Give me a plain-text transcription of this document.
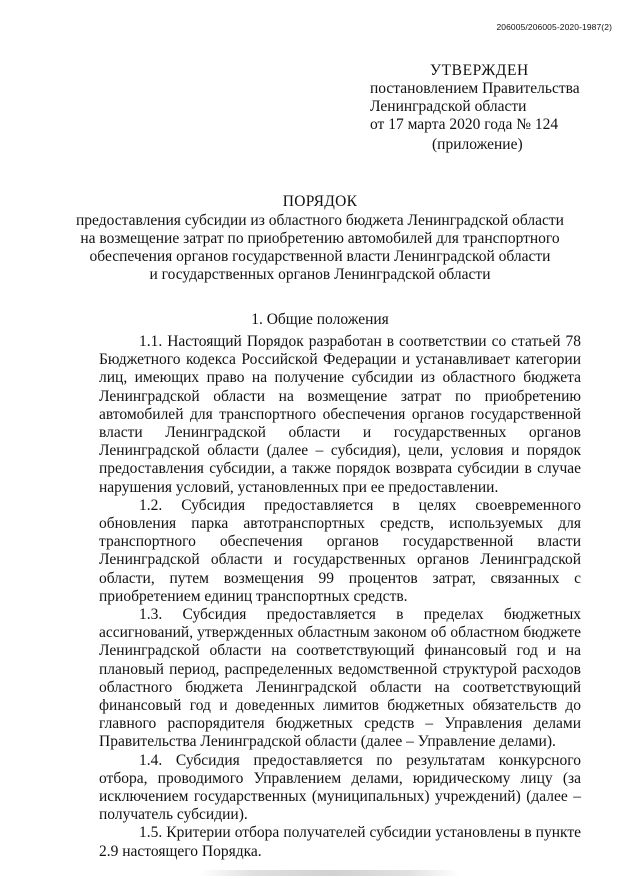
206005/206005-2020-1987(2)
УТВЕРЖДЕН
постановлением Правительства
Ленинградской области
от 17 марта 2020 года № 124
(приложение)
ПОРЯДОК
предоставления субсидии из областного бюджета Ленинградской области
на возмещение затрат по приобретению автомобилей для транспортного
обеспечения органов государственной власти Ленинградской области
и государственных органов Ленинградской области
1. Общие положения

1.1. Настоящий Порядок разработан в соответствии со статьей 78 Бюджетного кодекса Российской Федерации и устанавливает категории лиц, имеющих право на получение субсидии из областного бюджета Ленинградской области на возмещение затрат по приобретению автомобилей для транспортного обеспечения органов государственной власти Ленинградской области и государственных органов Ленинградской области (далее – субсидия), цели, условия и порядок предоставления субсидии, а также порядок возврата субсидии в случае нарушения условий, установленных при ее предоставлении.

1.2. Субсидия предоставляется в целях своевременного обновления парка автотранспортных средств, используемых для транспортного обеспечения органов государственной власти Ленинградской области и государственных органов Ленинградской области, путем возмещения 99 процентов затрат, связанных с приобретением единиц транспортных средств.

1.3. Субсидия предоставляется в пределах бюджетных ассигнований, утвержденных областным законом об областном бюджете Ленинградской области на соответствующий финансовый год и на плановый период, распределенных ведомственной структурой расходов областного бюджета Ленинградской области на соответствующий финансовый год и доведенных лимитов бюджетных обязательств до главного распорядителя бюджетных средств – Управления делами Правительства Ленинградской области (далее – Управление делами).

1.4. Субсидия предоставляется по результатам конкурсного отбора, проводимого Управлением делами, юридическому лицу (за исключением государственных (муниципальных) учреждений) (далее – получатель субсидии).

1.5. Критерии отбора получателей субсидии установлены в пункте 2.9 настоящего Порядка.
